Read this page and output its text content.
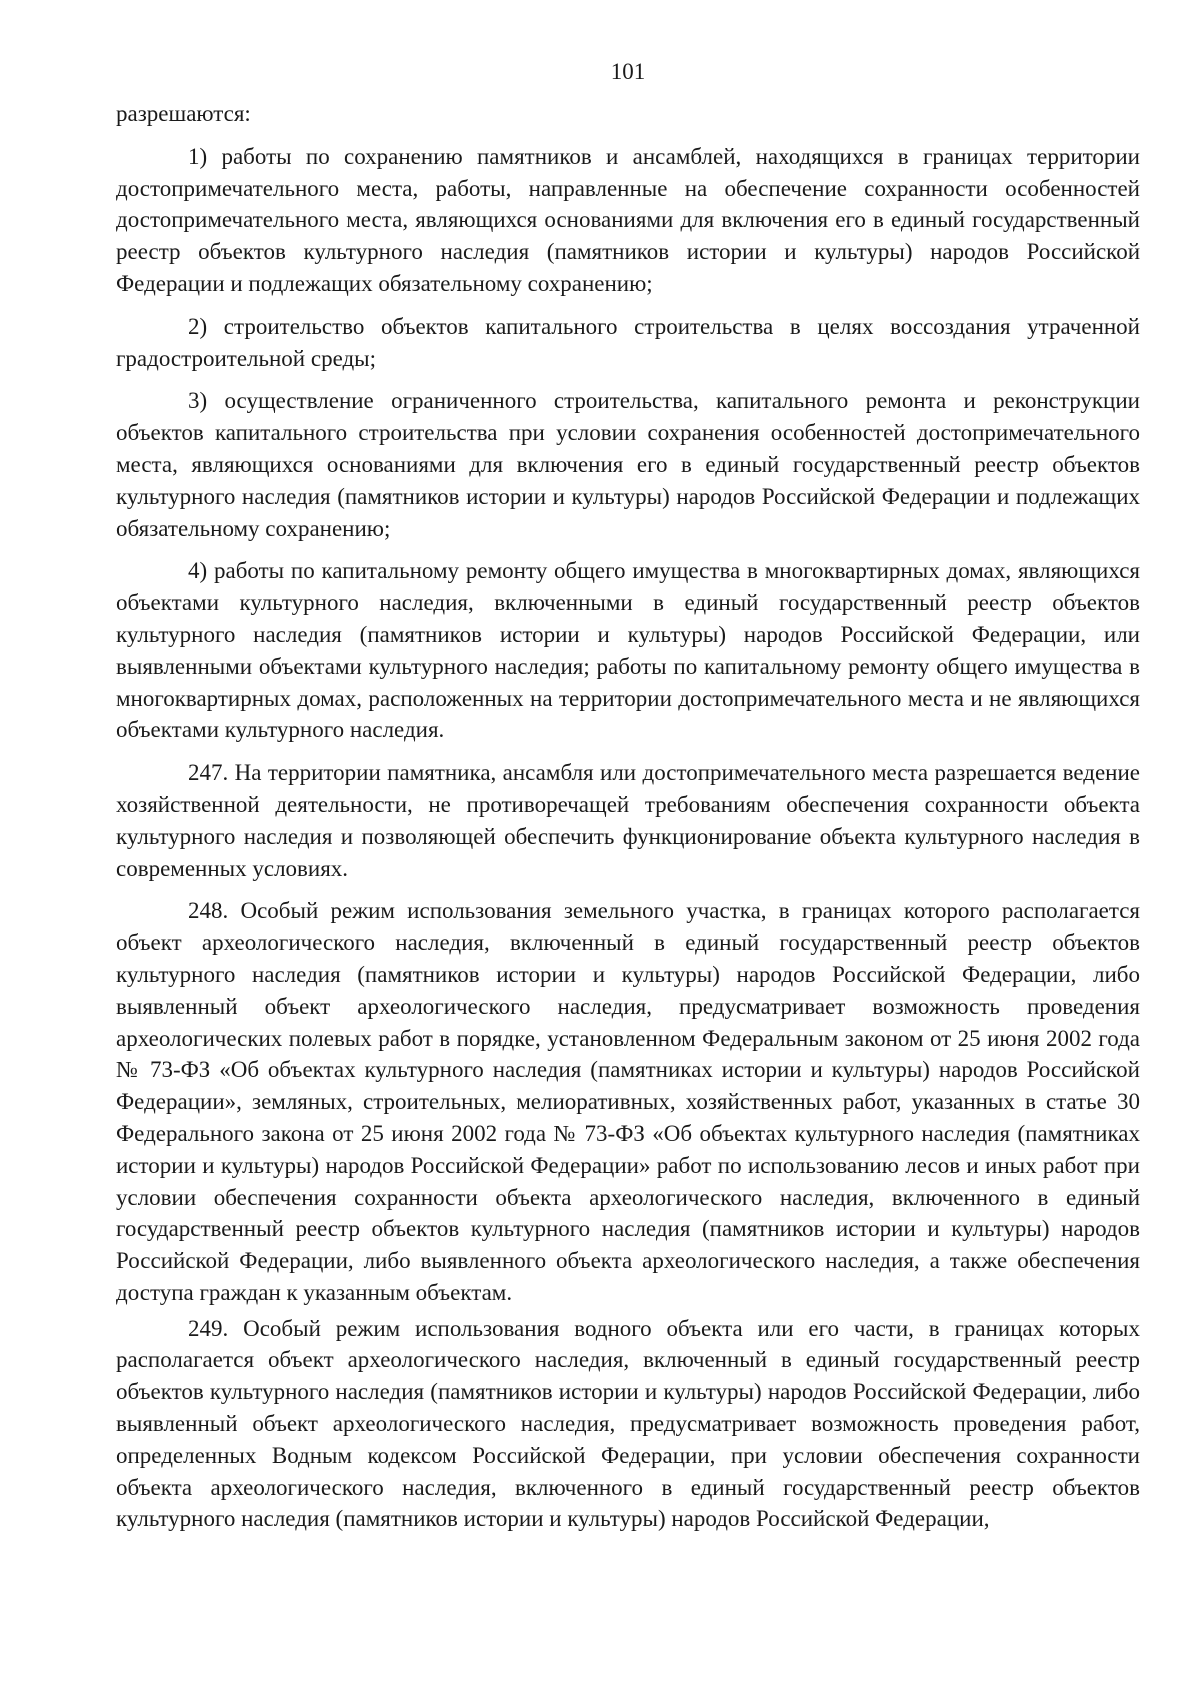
101

разрешаются:

1) работы по сохранению памятников и ансамблей, находящихся в границах территории достопримечательного места, работы, направленные на обеспечение сохранности особенностей достопримечательного места, являющихся основаниями для включения его в единый государственный реестр объектов культурного наследия (памятников истории и культуры) народов Российской Федерации и подлежащих обязательному сохранению;

2) строительство объектов капитального строительства в целях воссоздания утраченной градостроительной среды;

3) осуществление ограниченного строительства, капитального ремонта и реконструкции объектов капитального строительства при условии сохранения особенностей достопримечательного места, являющихся основаниями для включения его в единый государственный реестр объектов культурного наследия (памятников истории и культуры) народов Российской Федерации и подлежащих обязательному сохранению;

4) работы по капитальному ремонту общего имущества в многоквартирных домах, являющихся объектами культурного наследия, включенными в единый государственный реестр объектов культурного наследия (памятников истории и культуры) народов Российской Федерации, или выявленными объектами культурного наследия; работы по капитальному ремонту общего имущества в многоквартирных домах, расположенных на территории достопримечательного места и не являющихся объектами культурного наследия.

247. На территории памятника, ансамбля или достопримечательного места разрешается ведение хозяйственной деятельности, не противоречащей требованиям обеспечения сохранности объекта культурного наследия и позволяющей обеспечить функционирование объекта культурного наследия в современных условиях.

248. Особый режим использования земельного участка, в границах которого располагается объект археологического наследия, включенный в единый государственный реестр объектов культурного наследия (памятников истории и культуры) народов Российской Федерации, либо выявленный объект археологического наследия, предусматривает возможность проведения археологических полевых работ в порядке, установленном Федеральным законом от 25 июня 2002 года № 73-ФЗ «Об объектах культурного наследия (памятниках истории и культуры) народов Российской Федерации», земляных, строительных, мелиоративных, хозяйственных работ, указанных в статье 30 Федерального закона от 25 июня 2002 года № 73-ФЗ «Об объектах культурного наследия (памятниках истории и культуры) народов Российской Федерации» работ по использованию лесов и иных работ при условии обеспечения сохранности объекта археологического наследия, включенного в единый государственный реестр объектов культурного наследия (памятников истории и культуры) народов Российской Федерации, либо выявленного объекта археологического наследия, а также обеспечения доступа граждан к указанным объектам.

249. Особый режим использования водного объекта или его части, в границах которых располагается объект археологического наследия, включенный в единый государственный реестр объектов культурного наследия (памятников истории и культуры) народов Российской Федерации, либо выявленный объект археологического наследия, предусматривает возможность проведения работ, определенных Водным кодексом Российской Федерации, при условии обеспечения сохранности объекта археологического наследия, включенного в единый государственный реестр объектов культурного наследия (памятников истории и культуры) народов Российской Федерации,
